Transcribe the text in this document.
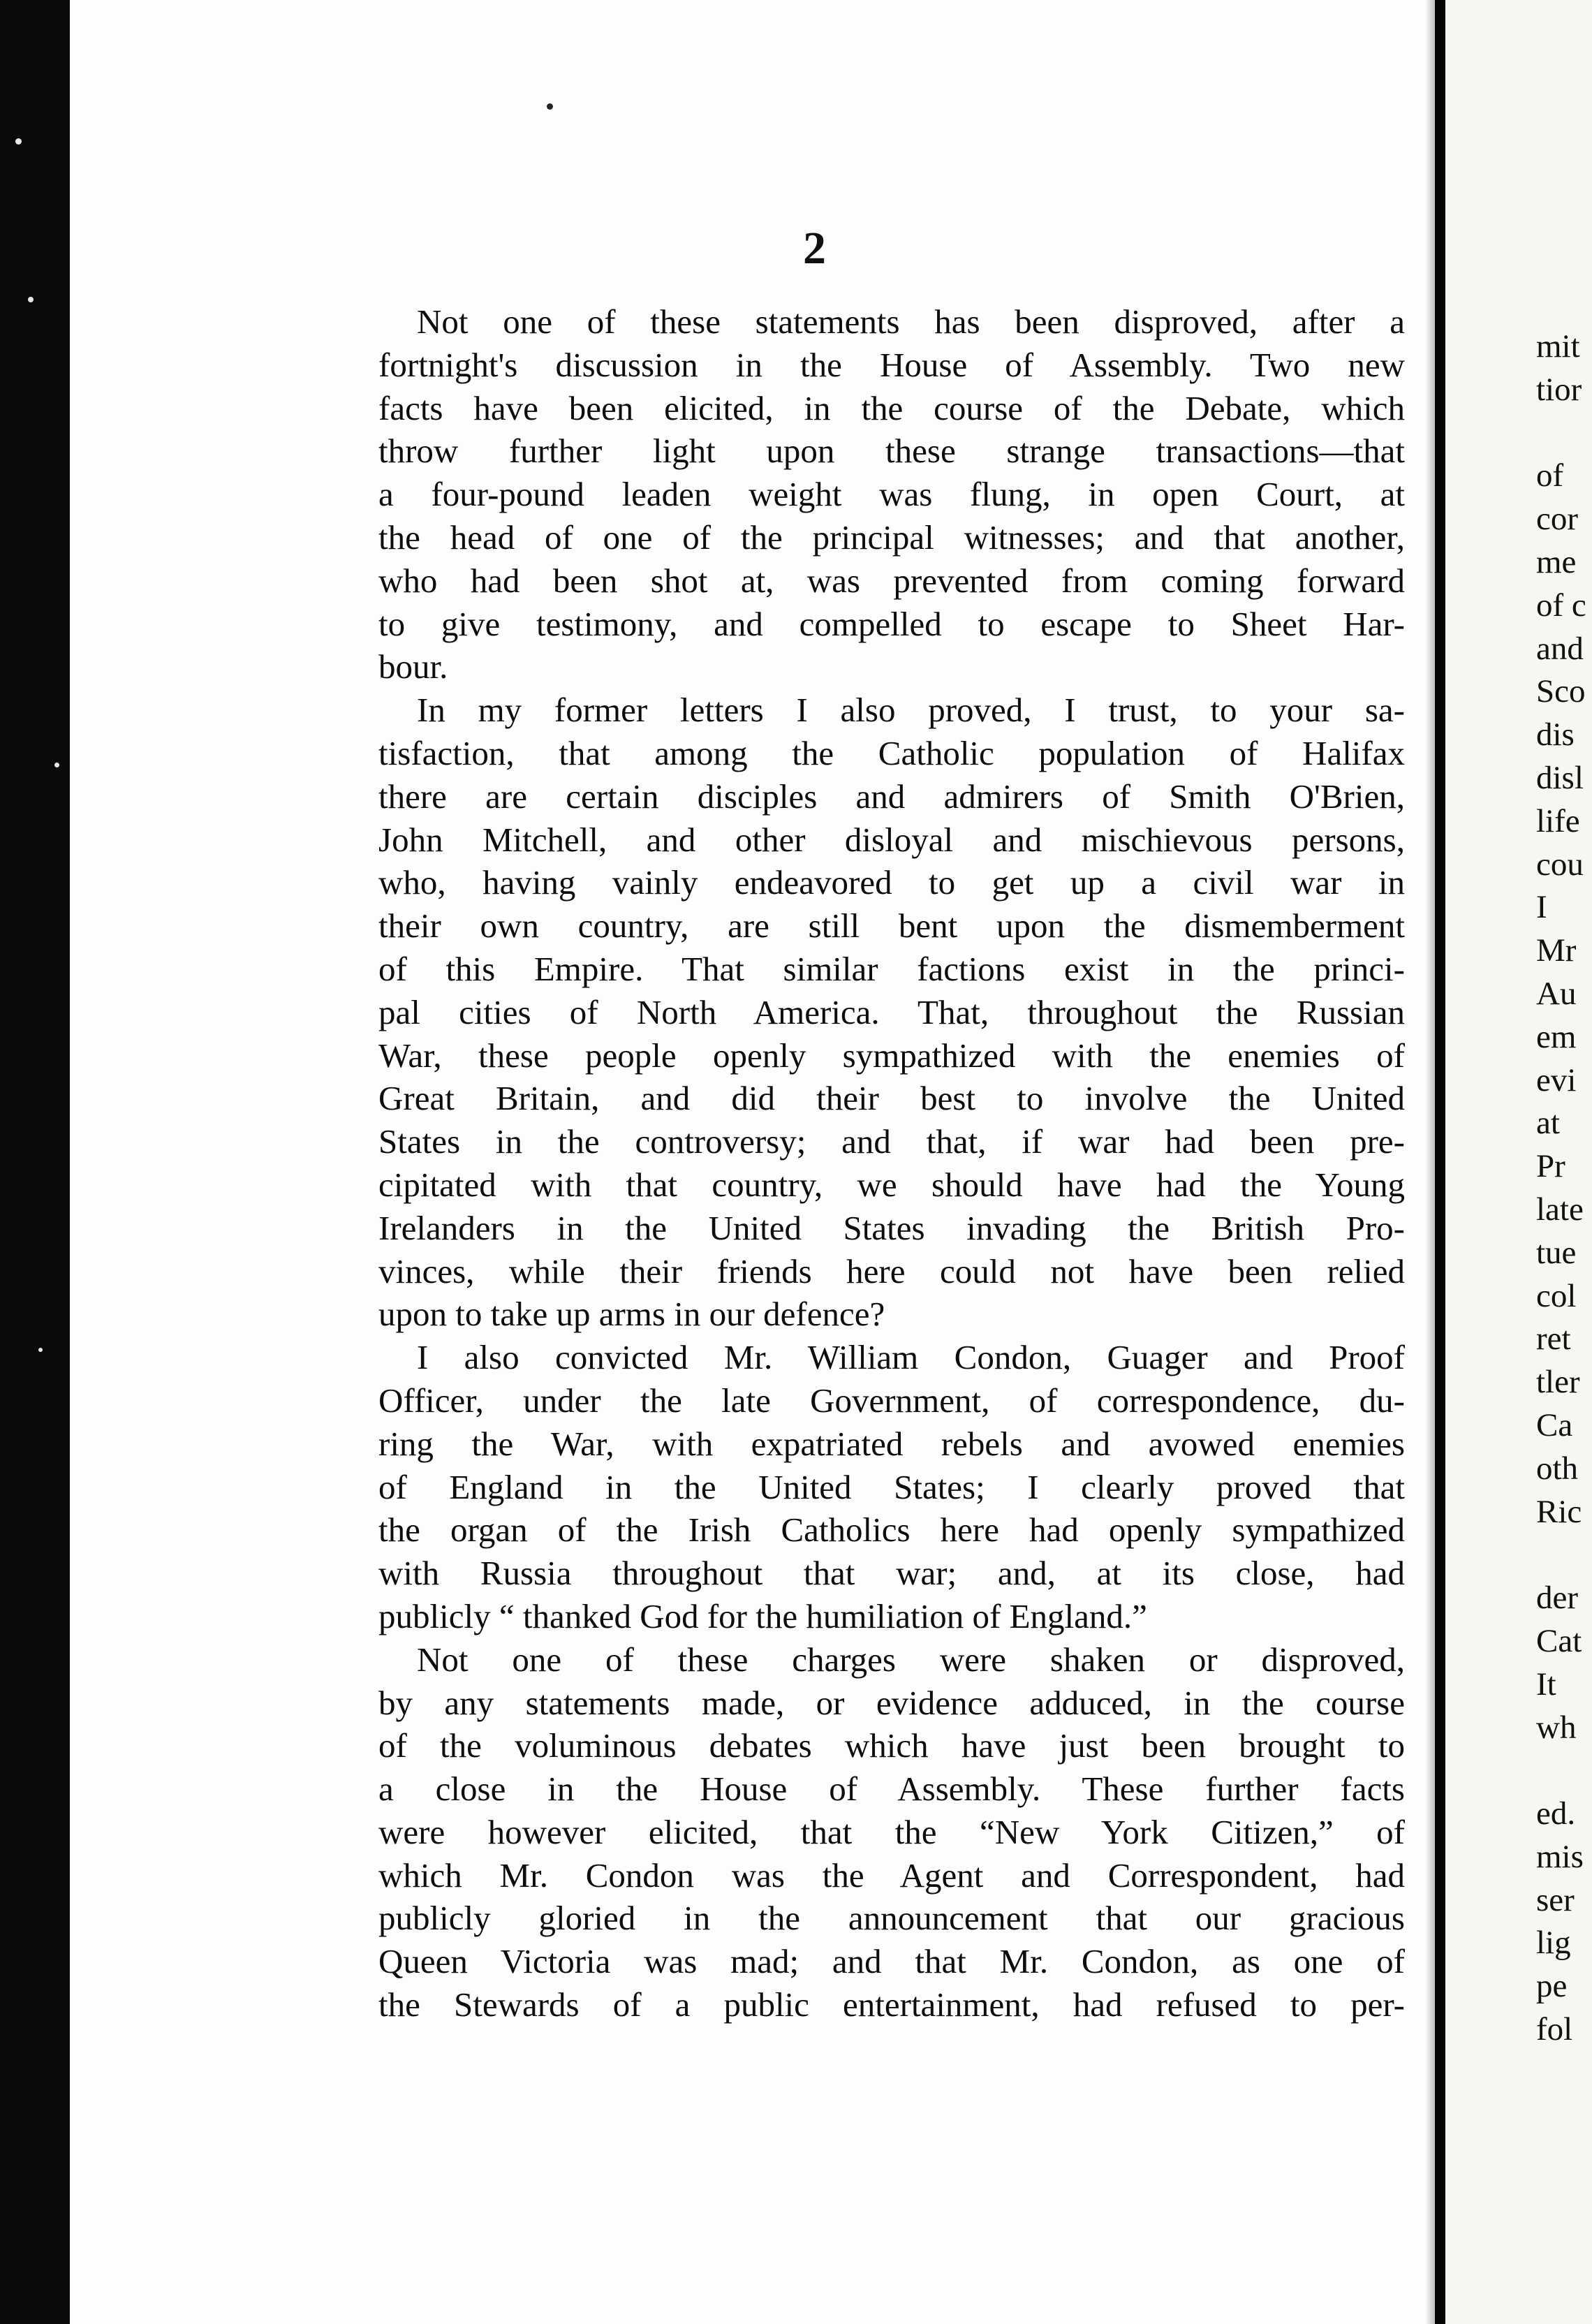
2
Not one of these statements has been disproved, after a
fortnight's discussion in the House of Assembly. Two new
facts have been elicited, in the course of the Debate, which
throw further light upon these strange transactions—that
a four-pound leaden weight was flung, in open Court, at
the head of one of the principal witnesses; and that another,
who had been shot at, was prevented from coming forward
to give testimony, and compelled to escape to Sheet Har-
bour.
In my former letters I also proved, I trust, to your sa-
tisfaction, that among the Catholic population of Halifax
there are certain disciples and admirers of Smith O'Brien,
John Mitchell, and other disloyal and mischievous persons,
who, having vainly endeavored to get up a civil war in
their own country, are still bent upon the dismemberment
of this Empire. That similar factions exist in the princi-
pal cities of North America. That, throughout the Russian
War, these people openly sympathized with the enemies of
Great Britain, and did their best to involve the United
States in the controversy; and that, if war had been pre-
cipitated with that country, we should have had the Young
Irelanders in the United States invading the British Pro-
vinces, while their friends here could not have been relied
upon to take up arms in our defence?
I also convicted Mr. William Condon, Guager and Proof
Officer, under the late Government, of correspondence, du-
ring the War, with expatriated rebels and avowed enemies
of England in the United States; I clearly proved that
the organ of the Irish Catholics here had openly sympathized
with Russia throughout that war; and, at its close, had
publicly “ thanked God for the humiliation of England.”
Not one of these charges were shaken or disproved,
by any statements made, or evidence adduced, in the course
of the voluminous debates which have just been brought to
a close in the House of Assembly. These further facts
were however elicited, that the “New York Citizen,” of
which Mr. Condon was the Agent and Correspondent, had
publicly gloried in the announcement that our gracious
Queen Victoria was mad; and that Mr. Condon, as one of
the Stewards of a public entertainment, had refused to per-
mit
tior
of
cor
me
of c
and
Sco
dis
disl
life
cou
I
Mr
Au
em
evi
at
Pr
late
tue
col
ret
tler
Ca
oth
Ric
der
Cat
It
wh
ed.
mis
ser
lig
pe
fol
